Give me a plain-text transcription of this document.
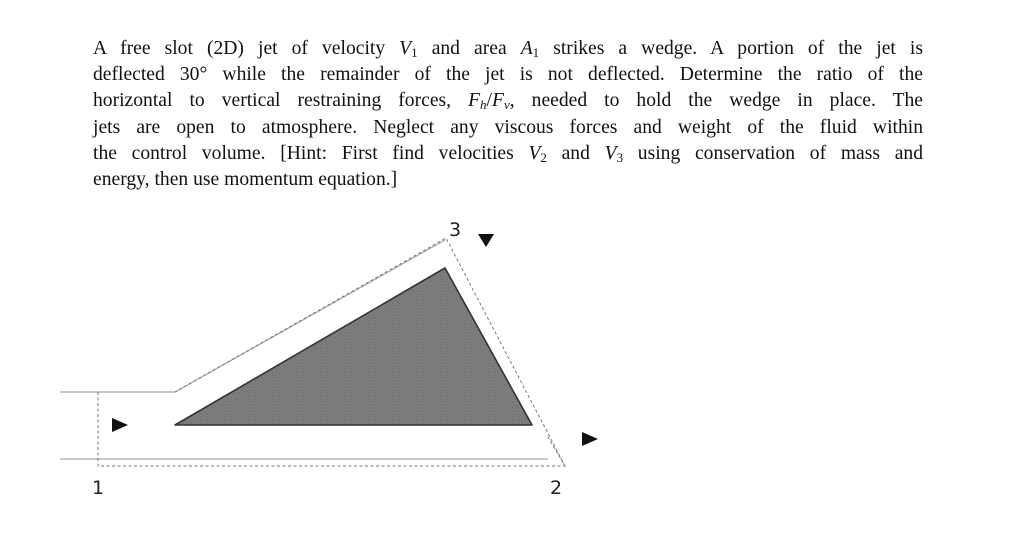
A free slot (2D) jet of velocity $V_1$ and area $A_1$ strikes a wedge. A portion of the jet is
deflected 30° while the remainder of the jet is not deflected. Determine the ratio of the
horizontal to vertical restraining forces, $F_h/F_v$, needed to hold the wedge in place. The
jets are open to atmosphere. Neglect any viscous forces and weight of the fluid within
the control volume. [Hint: First find velocities $V_2$ and $V_3$ using conservation of mass and
energy, then use momentum equation.]
1	2
3
